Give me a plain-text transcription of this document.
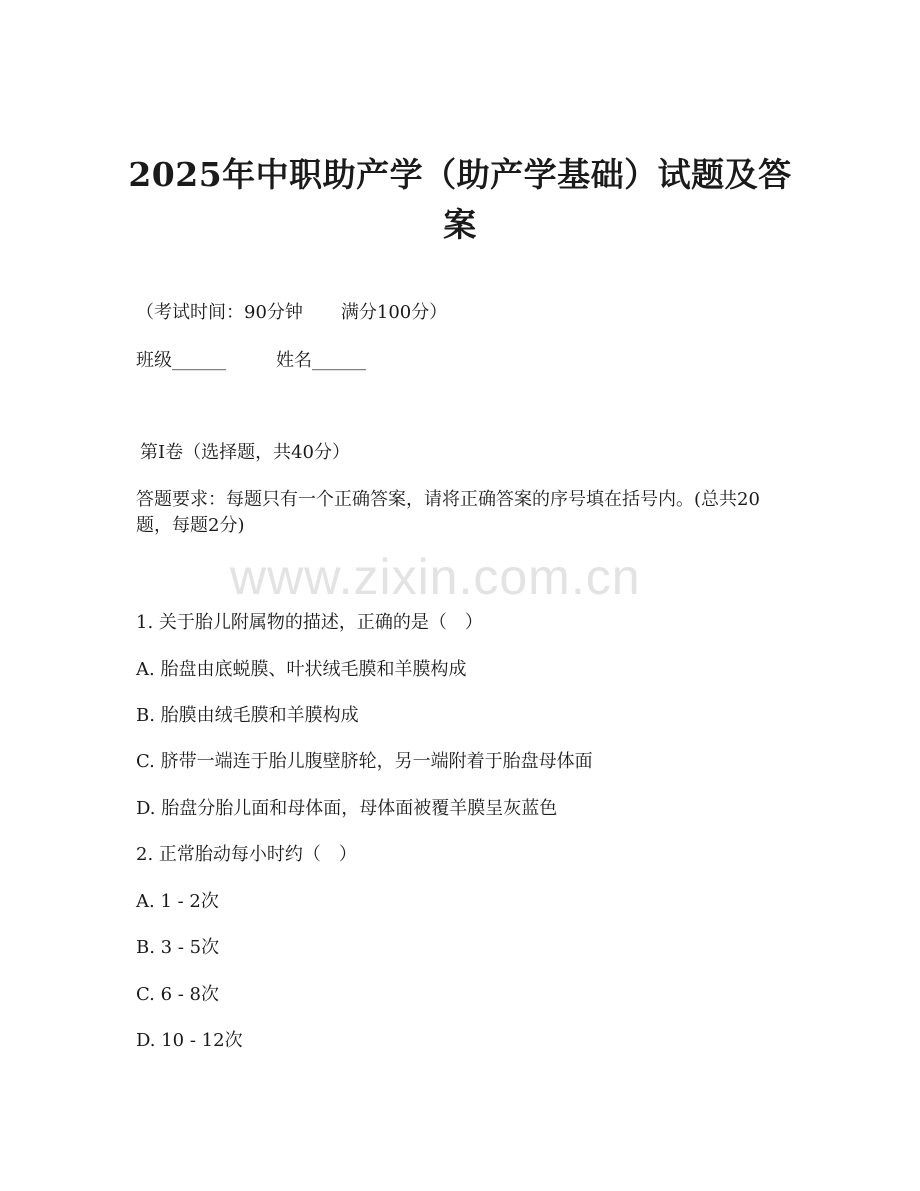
2025年中职助产学（助产学基础）试题及答案
（考试时间：90分钟 满分100分）
班级______	姓名______
第Ⅰ卷（选择题，共40分）
答题要求：每题只有一个正确答案，请将正确答案的序号填在括号内。(总共20题，每题2分)
www.zixin.com.cn
1. 关于胎儿附属物的描述，正确的是（　）
A. 胎盘由底蜕膜、叶状绒毛膜和羊膜构成
B. 胎膜由绒毛膜和羊膜构成
C. 脐带一端连于胎儿腹壁脐轮，另一端附着于胎盘母体面
D. 胎盘分胎儿面和母体面，母体面被覆羊膜呈灰蓝色
2. 正常胎动每小时约（　）
A. 1 - 2次
B. 3 - 5次
C. 6 - 8次
D. 10 - 12次
